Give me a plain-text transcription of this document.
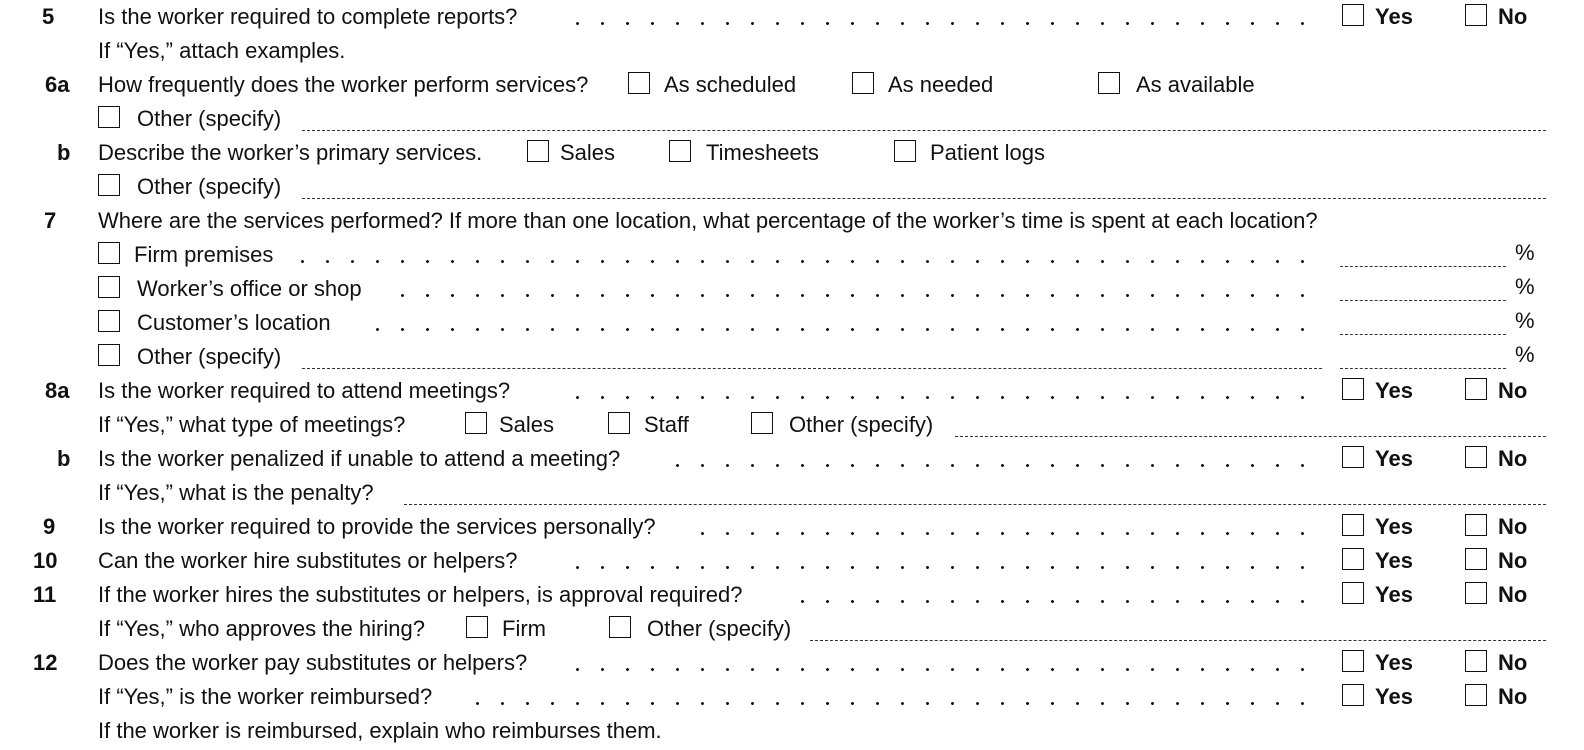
5 Is the worker required to complete reports?	Yes	No
If “Yes,” attach examples.
6a How frequently does the worker perform services?	As scheduled	As needed	As available
Other (specify)
b Describe the worker’s primary services.	Sales	Timesheets	Patient logs
Other (specify)
7 Where are the services performed? If more than one location, what percentage of the worker’s time is spent at each location?
Firm premises	%
Worker’s office or shop	%
Customer’s location	%
Other (specify)	%
8a Is the worker required to attend meetings?	Yes	No
If “Yes,” what type of meetings?	Sales	Staff	Other (specify)
b Is the worker penalized if unable to attend a meeting?	Yes	No
If “Yes,” what is the penalty?
9 Is the worker required to provide the services personally?	Yes	No
10 Can the worker hire substitutes or helpers?	Yes	No
11 If the worker hires the substitutes or helpers, is approval required?	Yes	No
If “Yes,” who approves the hiring?	Firm	Other (specify)
12 Does the worker pay substitutes or helpers?	Yes	No
If “Yes,” is the worker reimbursed?	Yes	No
If the worker is reimbursed, explain who reimburses them.
